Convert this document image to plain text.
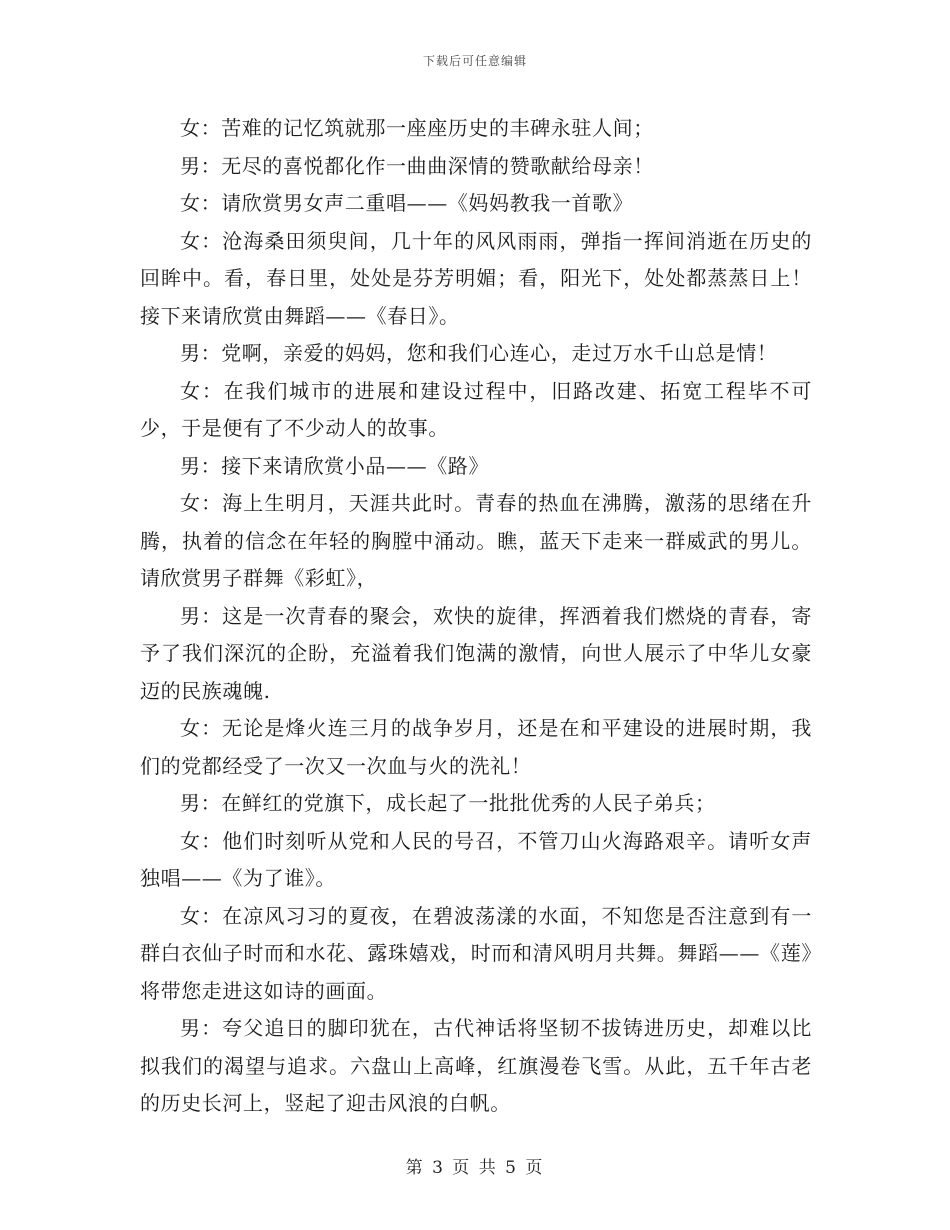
下载后可任意编辑

女：苦难的记忆筑就那一座座历史的丰碑永驻人间；

男：无尽的喜悦都化作一曲曲深情的赞歌献给母亲！

女：请欣赏男女声二重唱——《妈妈教我一首歌》

女：沧海桑田须臾间，几十年的风风雨雨，弹指一挥间消逝在历史的回眸中。看，春日里，处处是芬芳明媚；看，阳光下，处处都蒸蒸日上！接下来请欣赏由舞蹈——《春日》。

男：党啊，亲爱的妈妈，您和我们心连心，走过万水千山总是情！

女：在我们城市的进展和建设过程中，旧路改建、拓宽工程毕不可少，于是便有了不少动人的故事。

男：接下来请欣赏小品——《路》

女：海上生明月，天涯共此时。青春的热血在沸腾，激荡的思绪在升腾，执着的信念在年轻的胸膛中涌动。瞧，蓝天下走来一群威武的男儿。请欣赏男子群舞《彩虹》，

男：这是一次青春的聚会，欢快的旋律，挥洒着我们燃烧的青春，寄予了我们深沉的企盼，充溢着我们饱满的激情，向世人展示了中华儿女豪迈的民族魂魄.

女：无论是烽火连三月的战争岁月，还是在和平建设的进展时期，我们的党都经受了一次又一次血与火的洗礼！

男：在鲜红的党旗下，成长起了一批批优秀的人民子弟兵；

女：他们时刻听从党和人民的号召，不管刀山火海路艰辛。请听女声独唱——《为了谁》。

女：在凉风习习的夏夜，在碧波荡漾的水面，不知您是否注意到有一群白衣仙子时而和水花、露珠嬉戏，时而和清风明月共舞。舞蹈——《莲》将带您走进这如诗的画面。

男：夸父追日的脚印犹在，古代神话将坚韧不拔铸进历史，却难以比拟我们的渴望与追求。六盘山上高峰，红旗漫卷飞雪。从此，五千年古老的历史长河上，竖起了迎击风浪的白帆。

第 3 页 共 5 页
